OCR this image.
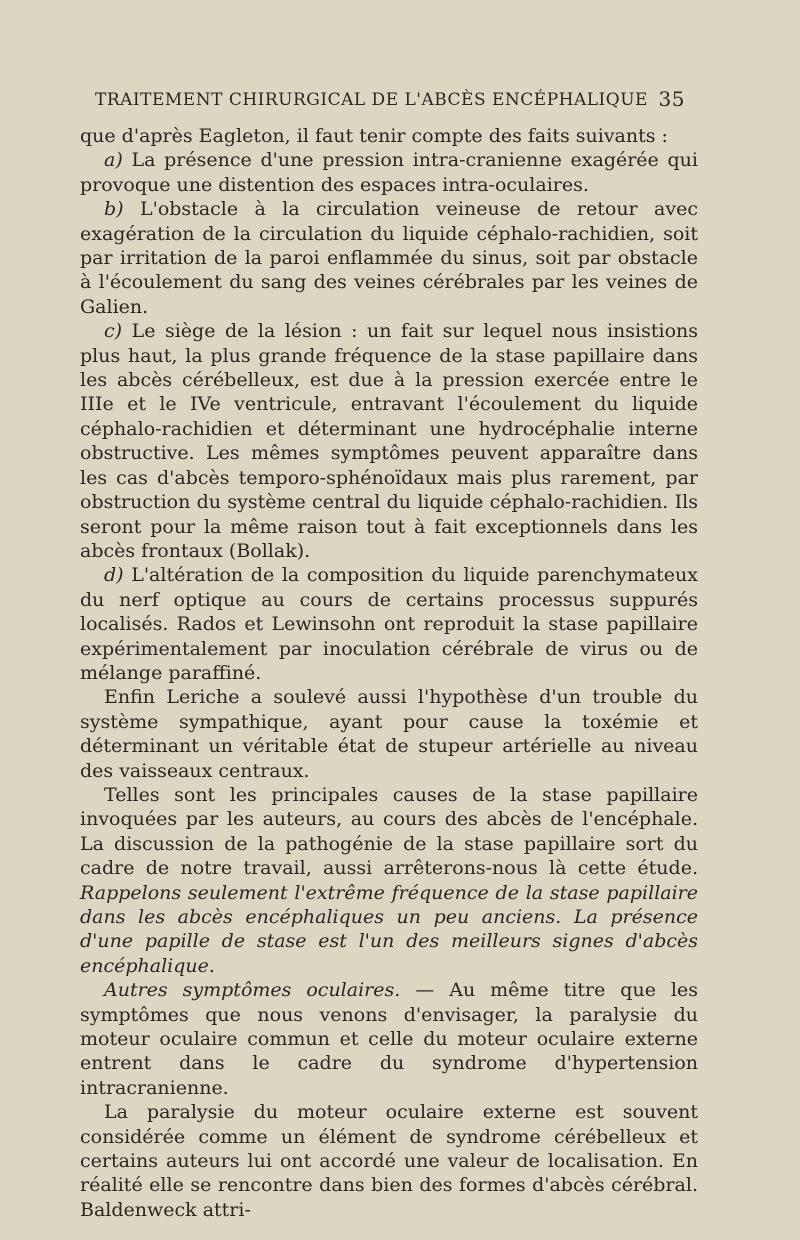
TRAITEMENT CHIRURGICAL DE L'ABCÈS ENCÉPHALIQUE 35

que d'après Eagleton, il faut tenir compte des faits suivants :

a) La présence d'une pression intra-cranienne exagérée qui provoque une distention des espaces intra-oculaires.

b) L'obstacle à la circulation veineuse de retour avec exagération de la circulation du liquide céphalo-rachidien, soit par irritation de la paroi enflammée du sinus, soit par obstacle à l'écoulement du sang des veines cérébrales par les veines de Galien.

c) Le siège de la lésion : un fait sur lequel nous insistions plus haut, la plus grande fréquence de la stase papillaire dans les abcès cérébelleux, est due à la pression exercée entre le IIIe et le IVe ventricule, entravant l'écoulement du liquide céphalo-rachidien et déterminant une hydrocéphalie interne obstructive. Les mêmes symptômes peuvent apparaître dans les cas d'abcès temporo-sphénoïdaux mais plus rarement, par obstruction du système central du liquide céphalo-rachidien. Ils seront pour la même raison tout à fait exceptionnels dans les abcès frontaux (Bollak).

d) L'altération de la composition du liquide parenchymateux du nerf optique au cours de certains processus suppurés localisés. Rados et Lewinsohn ont reproduit la stase papillaire expérimentalement par inoculation cérébrale de virus ou de mélange paraffiné.

Enfin Leriche a soulevé aussi l'hypothèse d'un trouble du système sympathique, ayant pour cause la toxémie et déterminant un véritable état de stupeur artérielle au niveau des vaisseaux centraux.

Telles sont les principales causes de la stase papillaire invoquées par les auteurs, au cours des abcès de l'encéphale. La discussion de la pathogénie de la stase papillaire sort du cadre de notre travail, aussi arrêterons-nous là cette étude. Rappelons seulement l'extrême fréquence de la stase papillaire dans les abcès encéphaliques un peu anciens. La présence d'une papille de stase est l'un des meilleurs signes d'abcès encéphalique.

Autres symptômes oculaires. — Au même titre que les symptômes que nous venons d'envisager, la paralysie du moteur oculaire commun et celle du moteur oculaire externe entrent dans le cadre du syndrome d'hypertension intracranienne.

La paralysie du moteur oculaire externe est souvent considérée comme un élément de syndrome cérébelleux et certains auteurs lui ont accordé une valeur de localisation. En réalité elle se rencontre dans bien des formes d'abcès cérébral. Baldenweck attri-
